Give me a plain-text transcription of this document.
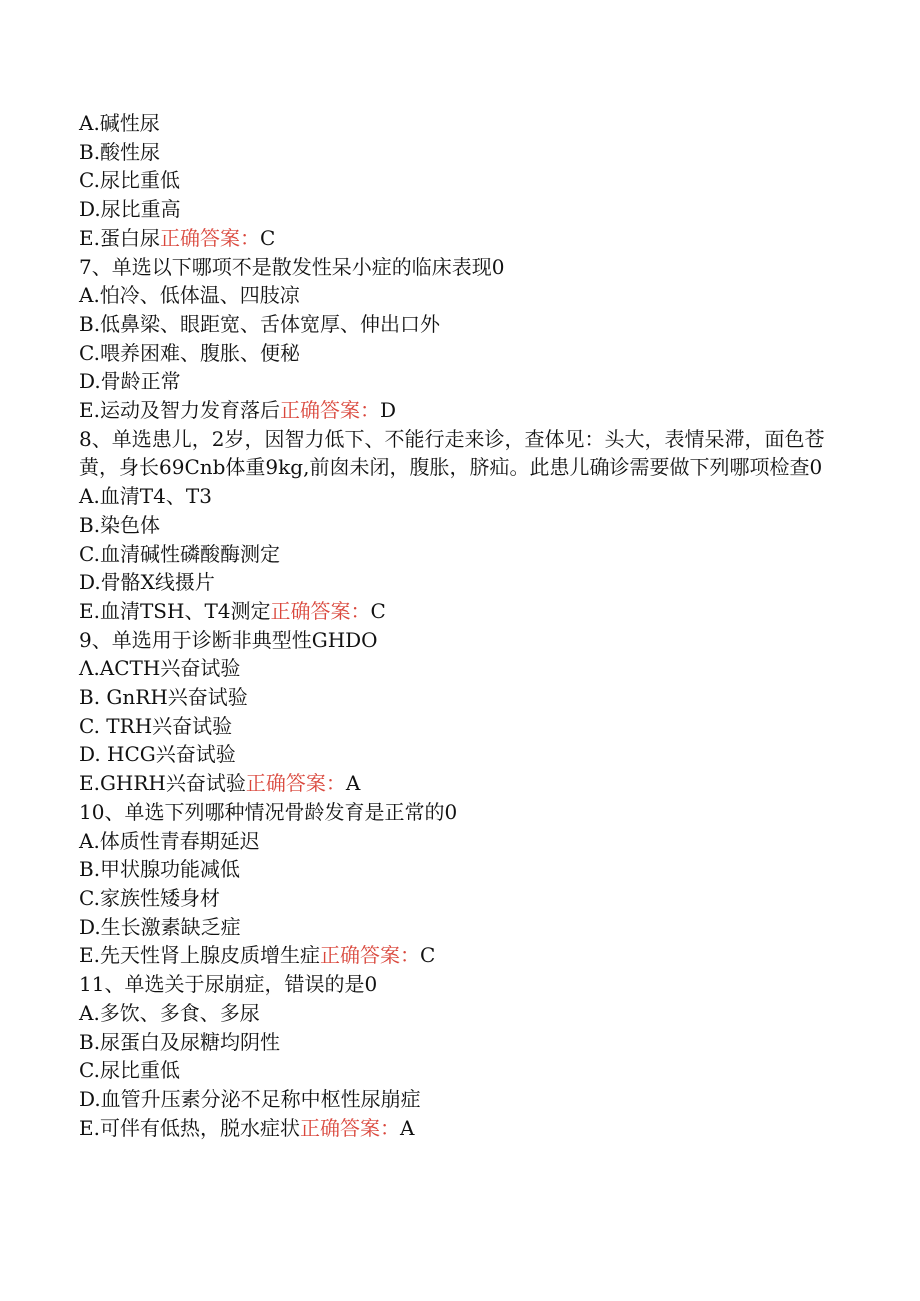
A.碱性尿

B.酸性尿

C.尿比重低

D.尿比重高

E.蛋白尿正确答案：C

7、单选以下哪项不是散发性呆小症的临床表现0

A.怕冷、低体温、四肢凉

B.低鼻梁、眼距宽、舌体宽厚、伸出口外

C.喂养困难、腹胀、便秘

D.骨龄正常

E.运动及智力发育落后正确答案：D

8、单选患儿，2岁，因智力低下、不能行走来诊，查体见：头大，表情呆滞，面色苍黄，身长69Cnb体重9kg,前囱未闭，腹胀，脐疝。此患儿确诊需要做下列哪项检查0

A.血清T4、T3

B.染色体

C.血清碱性磷酸酶测定

D.骨骼X线摄片

E.血清TSH、T4测定正确答案：C

9、单选用于诊断非典型性GHDO

Λ.ACTH兴奋试验

B. GnRH兴奋试验

C. TRH兴奋试验

D. HCG兴奋试验

E.GHRH兴奋试验正确答案：A

10、单选下列哪种情况骨龄发育是正常的0

A.体质性青春期延迟

B.甲状腺功能减低

C.家族性矮身材

D.生长激素缺乏症

E.先天性肾上腺皮质增生症正确答案：C

11、单选关于尿崩症，错误的是0

A.多饮、多食、多尿

B.尿蛋白及尿糖均阴性

C.尿比重低

D.血管升压素分泌不足称中枢性尿崩症

E.可伴有低热，脱水症状正确答案：A
